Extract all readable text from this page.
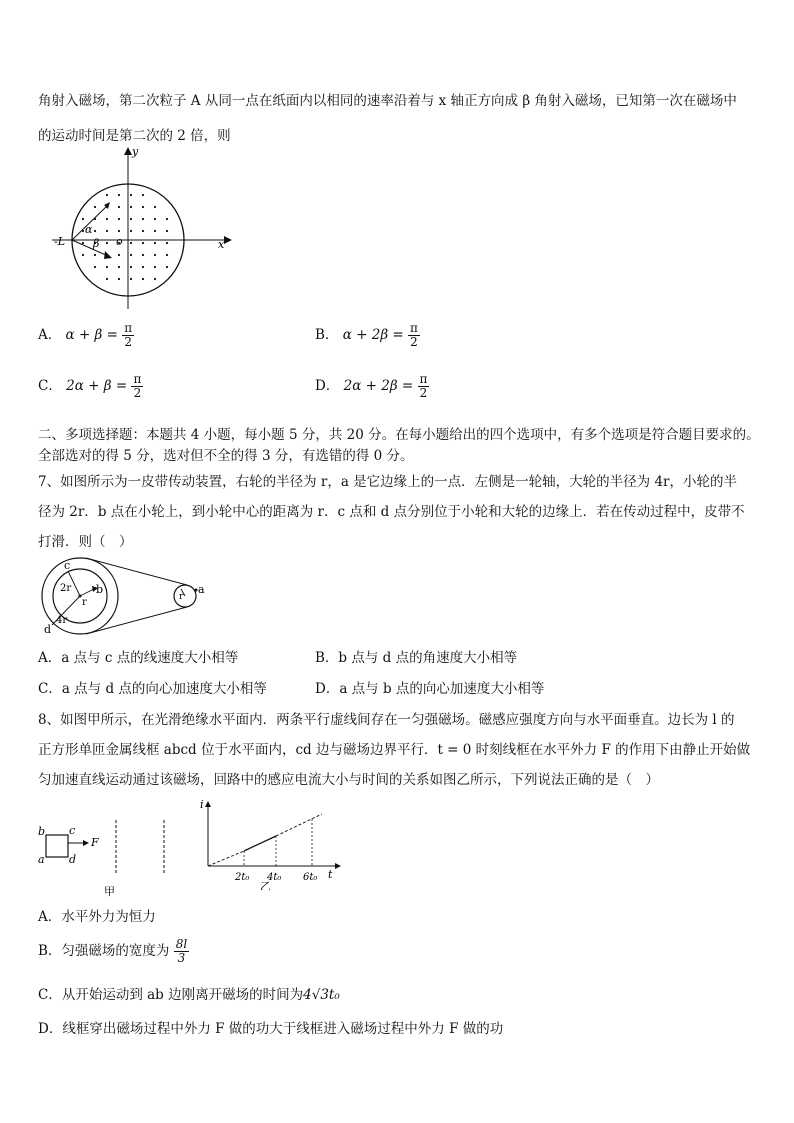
角射入磁场，第二次粒子 A 从同一点在纸面内以相同的速率沿着与 x 轴正方向成 β 角射入磁场，已知第一次在磁场中
的运动时间是第二次的 2 倍，则
y
x
-L
α
β o
A． $\alpha + \beta = \frac{\pi}{2}$	B． $\alpha + 2\beta = \frac{\pi}{2}$
C． $2\alpha + \beta = \frac{\pi}{2}$	D． $2\alpha + 2\beta = \frac{\pi}{2}$
二、多项选择题：本题共 4 小题，每小题 5 分，共 20 分。在每小题给出的四个选项中，有多个选项是符合题目要求的。
全部选对的得 5 分，选对但不全的得 3 分，有选错的得 0 分。
7、如图所示为一皮带传动装置，右轮的半径为 r，a 是它边缘上的一点．左侧是一轮轴，大轮的半径为 4r，小轮的半
径为 2r．b 点在小轮上，到小轮中心的距离为 r．c 点和 d 点分别位于小轮和大轮的边缘上．若在传动过程中，皮带不
打滑．则（　）
c
b	a
d
2r
r
4r
r
A．a 点与 c 点的线速度大小相等	B．b 点与 d 点的角速度大小相等
C．a 点与 d 点的向心加速度大小相等	D．a 点与 b 点的向心加速度大小相等
8、如图甲所示，在光滑绝缘水平面内．两条平行虚线间存在一匀强磁场。磁感应强度方向与水平面垂直。边长为 l 的
正方形单匝金属线框 abcd 位于水平面内，cd 边与磁场边界平行．t = 0 时刻线框在水平外力 F 的作用下由静止开始做
匀加速直线运动通过该磁场，回路中的感应电流大小与时间的关系如图乙所示，下列说法正确的是（　）
b c
a d
F
甲
i
t
2t₀ 4t₀ 6t₀
乙
A．水平外力为恒力
B．匀强磁场的宽度为 $\frac{8l}{3}$
C．从开始运动到 ab 边刚离开磁场的时间为4√3t₀
D．线框穿出磁场过程中外力 F 做的功大于线框进入磁场过程中外力 F 做的功
